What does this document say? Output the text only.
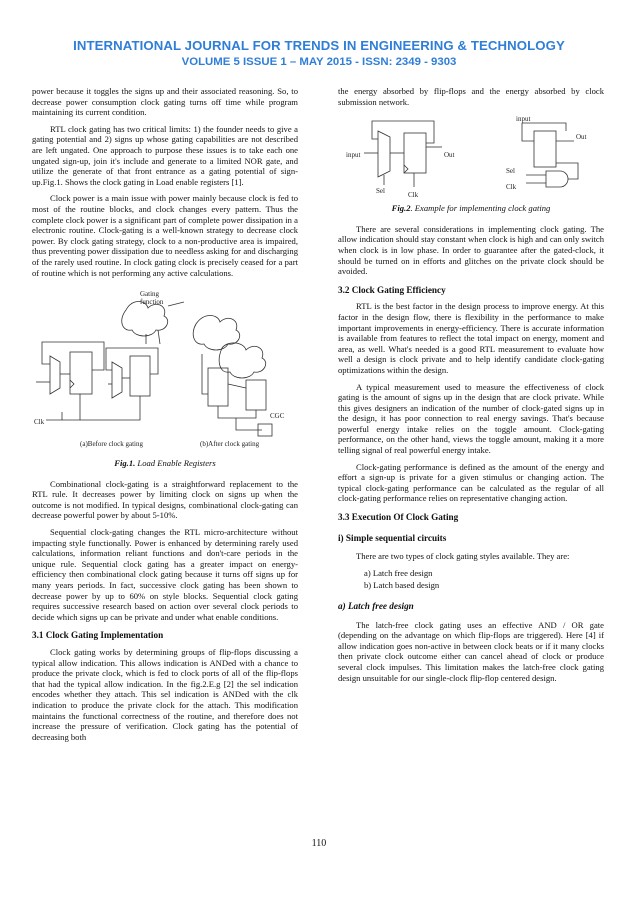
INTERNATIONAL JOURNAL FOR TRENDS IN ENGINEERING & TECHNOLOGY
VOLUME 5 ISSUE 1 – MAY 2015 - ISSN: 2349 - 9303

power because it toggles the signs up and their associated reasoning. So, to decrease power consumption clock gating turns off time while program maintaining its current condition.

RTL clock gating has two critical limits: 1) the founder needs to give a gating potential and 2) signs up whose gating capabilities are not described are left ungated. One approach to purpose these issues is to take each one ungated sign-up, join it's include and generate to a limited NOR gate, and utilize the generate of that front entrance as a gating potential of sign-up.Fig.1. Shows the clock gating in Load enable registers [1].

Clock power is a main issue with power mainly because clock is fed to most of the routine blocks, and clock changes every pattern. Thus the complete clock power is a significant part of complete power dissipation in a electronic routine. Clock-gating is a well-known strategy to decrease clock power. By clock gating strategy, clock to a non-productive area is impaired, thus preventing power dissipation due to needless asking for and discharging of the rarely used routine. In clock gating clock is precisely ceased for a part of routine which is not performing any active calculations.

Gating
function
Clk
CGC
(a)Before clock gating	(b)After clock gating
Fig.1. Load Enable Registers

Combinational clock-gating is a straightforward replacement to the RTL rule. It decreases power by limiting clock on signs up when the outcome is not modified. In typical designs, combinational clock-gating can decrease powerful power by about 5-10%.

Sequential clock-gating changes the RTL micro-architecture without impacting style functionally. Power is enhanced by determining rarely used calculations, information reliant functions and don't-care periods in the unique rule. Sequential clock gating has a greater impact on energy-efficiency then combinational clock gating because it turns off signs up for many years periods. In fact, successive clock gating has been shown to decrease power by up to 60% on style blocks. Sequential clock gating requires successive research based on action over several clock periods to decide which signs up can be private and under what enable conditions.

3.1 Clock Gating Implementation

Clock gating works by determining groups of flip-flops discussing a typical allow indication. This allows indication is ANDed with a chance to produce the private clock, which is fed to clock ports of all of the flip-flops that had the typical allow indication. In the fig.2.E.g [2] the sel indication encodes whether they attach. This sel indication is ANDed with the clk indication to produce the private clock for the attach. This modification maintains the functional correctness of the routine, and therefore does not increase the pressure of verification. Clock gating has the potential of decreasing both

the energy absorbed by flip-flops and the energy absorbed by clock submission network.

input	Out
Sel	Clk
input
Out
Sel
Clk
Fig.2. Example for implementing clock gating

There are several considerations in implementing clock gating. The allow indication should stay constant when clock is high and can only switch when clock is in low phase. In order to guarantee after the gated-clock, it should be turned on in efforts and glitches on the private clock should be avoided.

3.2 Clock Gating Efficiency

RTL is the best factor in the design process to improve energy. At this factor in the design flow, there is flexibility in the performance to make important improvements in energy-efficiency. There is accurate information is available from features to reflect the total impact on energy, moment and area, as well. What's needed is a good RTL measurement to evaluate how well a design is clock private and to help identify candidate clock-gating optimizations within the design.

A typical measurement used to measure the effectiveness of clock gating is the amount of signs up in the design that are clock private. While this gives designers an indication of the number of clock-gated signs up in the design, it has poor connection to real energy savings. That's because powerful energy intake relies on the toggle amount. Clock-gating performance, on the other hand, views the toggle amount, making it a more telling signal of real powerful energy intake.

Clock-gating performance is defined as the amount of the energy and effort a sign-up is private for a given stimulus or changing action. The typical clock-gating performance can be calculated as the regular of all clock-gating performance relies on representative changing action.

3.3 Execution Of Clock Gating
i) Simple sequential circuits

There are two types of clock gating styles available. They are:

a) Latch free design
b) Latch based design
a) Latch free design

The latch-free clock gating uses an effective AND / OR gate (depending on the advantage on which flip-flops are triggered). Here [4] if allow indication goes non-active in between clock beats or if it many clocks then private clock outcome either can cancel ahead of clock or produce several clock impulses. This limitation makes the latch-free clock gating design unsuitable for our single-clock flip-flop centered design.

110
